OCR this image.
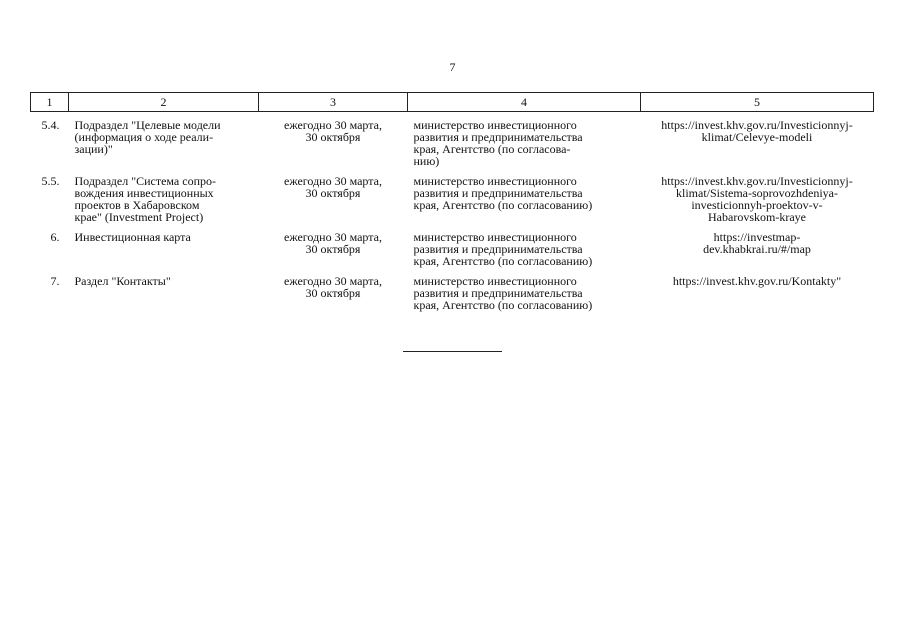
7
1	2	3	4	5

5.4.	Подраздел "Целевые модели
(информация о ходе реали-
зации)"	ежегодно 30 марта,
30 октября	министерство инвестиционного
развития и предпринимательства
края, Агентство (по согласова-
нию)	https://invest.khv.gov.ru/Investicionnyj-
klimat/Celevye-modeli

5.5.	Подраздел "Система сопро-
вождения инвестиционных
проектов в Хабаровском
крае" (Investment Project)	ежегодно 30 марта,
30 октября	министерство инвестиционного
развития и предпринимательства
края, Агентство (по согласованию)	https://invest.khv.gov.ru/Investicionnyj-
klimat/Sistema-soprovozhdeniya-
investicionnyh-proektov-v-
Habarovskom-kraye

6.	Инвестиционная карта	ежегодно 30 марта,
30 октября	министерство инвестиционного
развития и предпринимательства
края, Агентство (по согласованию)	https://investmap-
dev.khabkrai.ru/#/map

7.	Раздел "Контакты"	ежегодно 30 марта,
30 октября	министерство инвестиционного
развития и предпринимательства
края, Агентство (по согласованию)	https://invest.khv.gov.ru/Kontakty"
